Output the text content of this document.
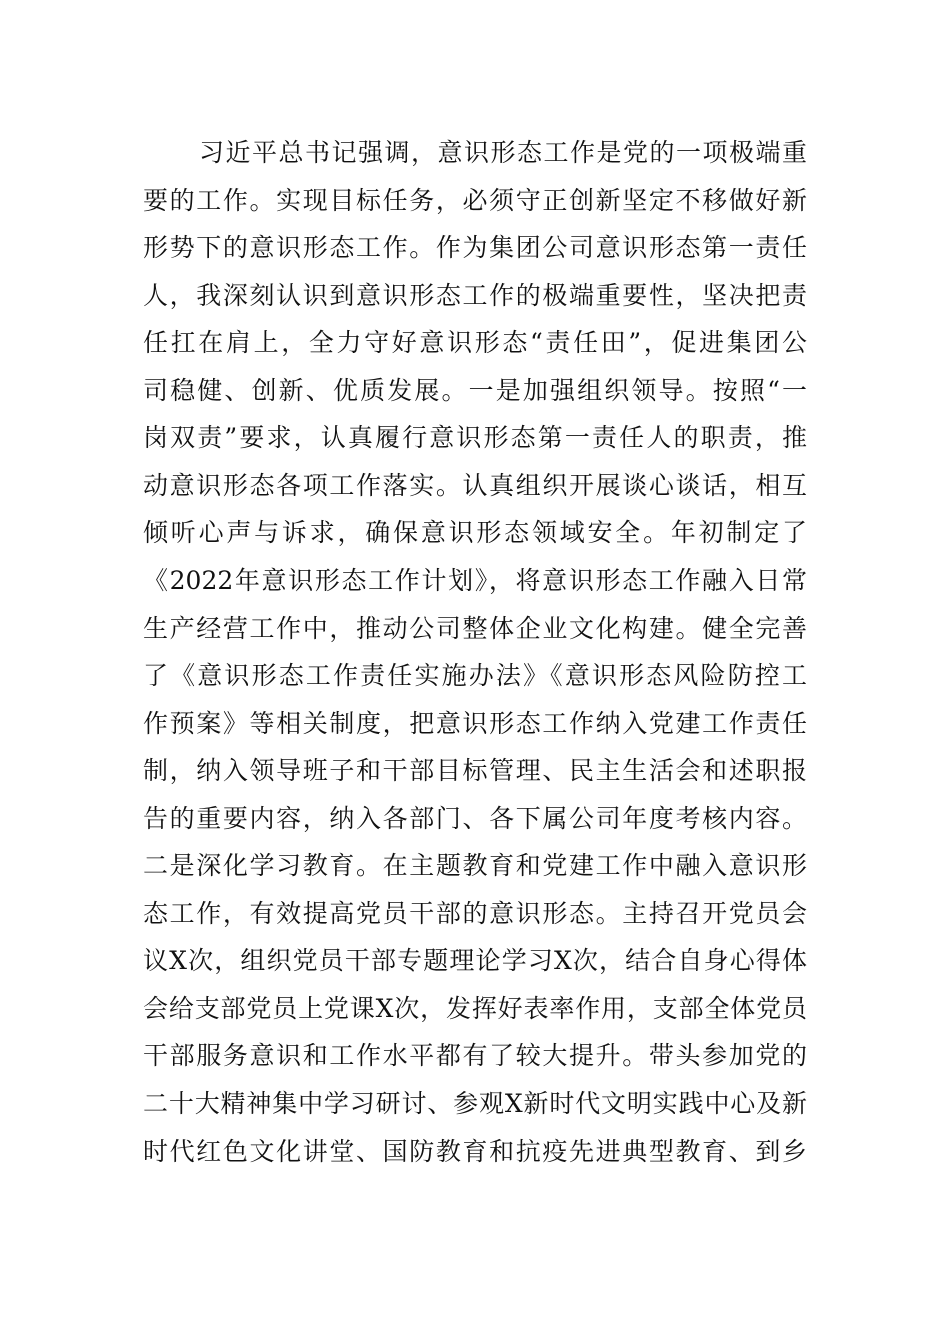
习近平总书记强调，意识形态工作是党的一项极端重
要的工作。实现目标任务，必须守正创新坚定不移做好新
形势下的意识形态工作。作为集团公司意识形态第一责任
人，我深刻认识到意识形态工作的极端重要性，坚决把责
任扛在肩上，全力守好意识形态“责任田”，促进集团公
司稳健、创新、优质发展。一是加强组织领导。按照“一
岗双责”要求，认真履行意识形态第一责任人的职责，推
动意识形态各项工作落实。认真组织开展谈心谈话，相互
倾听心声与诉求，确保意识形态领域安全。年初制定了
《2022年意识形态工作计划》，将意识形态工作融入日常
生产经营工作中，推动公司整体企业文化构建。健全完善
了《意识形态工作责任实施办法》《意识形态风险防控工
作预案》等相关制度，把意识形态工作纳入党建工作责任
制，纳入领导班子和干部目标管理、民主生活会和述职报
告的重要内容，纳入各部门、各下属公司年度考核内容。
二是深化学习教育。在主题教育和党建工作中融入意识形
态工作，有效提高党员干部的意识形态。主持召开党员会
议X次，组织党员干部专题理论学习X次，结合自身心得体
会给支部党员上党课X次，发挥好表率作用，支部全体党员
干部服务意识和工作水平都有了较大提升。带头参加党的
二十大精神集中学习研讨、参观X新时代文明实践中心及新
时代红色文化讲堂、国防教育和抗疫先进典型教育、到乡
